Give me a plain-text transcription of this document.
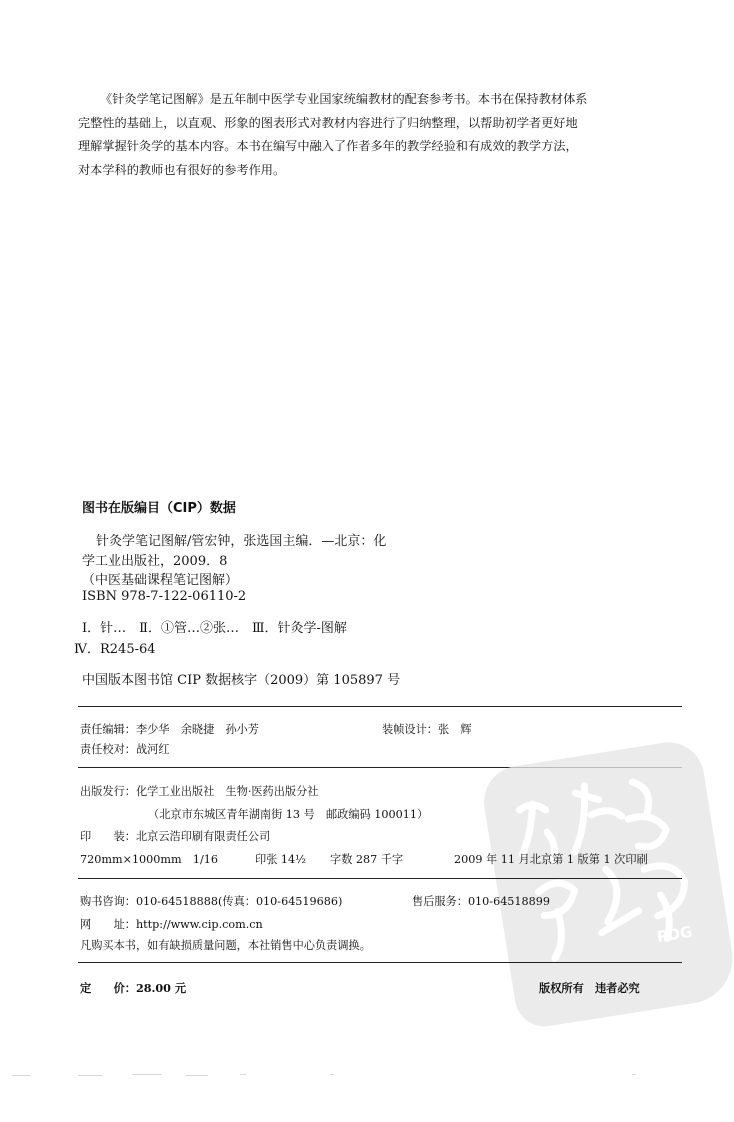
《针灸学笔记图解》是五年制中医学专业国家统编教材的配套参考书。本书在保持教材体系

完整性的基础上，以直观、形象的图表形式对教材内容进行了归纳整理，以帮助初学者更好地

理解掌握针灸学的基本内容。本书在编写中融入了作者多年的教学经验和有成效的教学方法，

对本学科的教师也有很好的参考作用。

图书在版编目（CIP）数据
针灸学笔记图解/管宏钟，张选国主编．—北京：化
学工业出版社，2009．8
（中医基础课程笔记图解）
ISBN 978-7-122-06110-2
Ⅰ．针…　Ⅱ．①管…②张…　Ⅲ．针灸学-图解
Ⅳ．R245-64
中国版本图书馆 CIP 数据核字（2009）第 105897 号
责任编辑：李少华　余晓捷　孙小芳	装帧设计：张　辉
责任校对：战河红
PDG
出版发行：化学工业出版社　生物·医药出版分社
（北京市东城区青年湖南街 13 号　邮政编码 100011）
印　　装：北京云浩印刷有限责任公司
720mm×1000mm　1/16	印张 14½ 字数 287 千字	2009 年 11 月北京第 1 版第 1 次印刷
购书咨询：010-64518888(传真：010-64519686)	售后服务：010-64518899
网　　址：http://www.cip.com.cn
凡购买本书，如有缺损质量问题，本社销售中心负责调换。
定　　价：28.00 元	版权所有　违者必究
